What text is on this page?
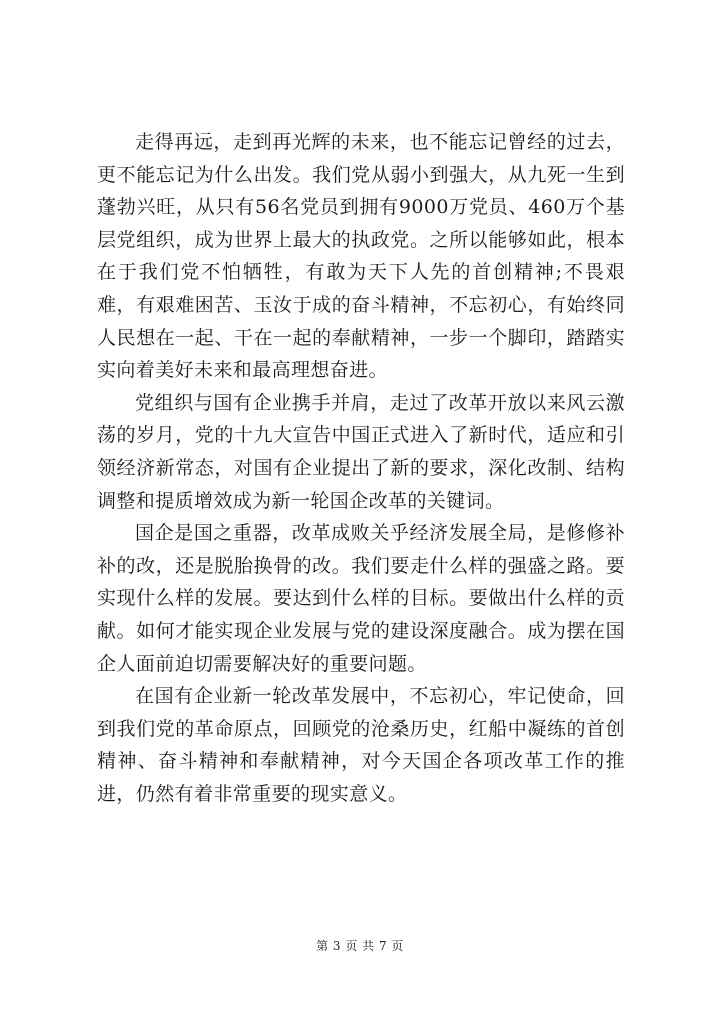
走得再远，走到再光辉的未来，也不能忘记曾经的过去，更不能忘记为什么出发。我们党从弱小到强大，从九死一生到蓬勃兴旺，从只有56名党员到拥有9000万党员、460万个基层党组织，成为世界上最大的执政党。之所以能够如此，根本在于我们党不怕牺牲，有敢为天下人先的首创精神;不畏艰难，有艰难困苦、玉汝于成的奋斗精神，不忘初心，有始终同人民想在一起、干在一起的奉献精神，一步一个脚印，踏踏实实向着美好未来和最高理想奋进。

党组织与国有企业携手并肩，走过了改革开放以来风云激荡的岁月，党的十九大宣告中国正式进入了新时代，适应和引领经济新常态，对国有企业提出了新的要求，深化改制、结构调整和提质增效成为新一轮国企改革的关键词。

国企是国之重器，改革成败关乎经济发展全局，是修修补补的改，还是脱胎换骨的改。我们要走什么样的强盛之路。要实现什么样的发展。要达到什么样的目标。要做出什么样的贡献。如何才能实现企业发展与党的建设深度融合。成为摆在国企人面前迫切需要解决好的重要问题。

在国有企业新一轮改革发展中，不忘初心，牢记使命，回到我们党的革命原点，回顾党的沧桑历史，红船中凝练的首创精神、奋斗精神和奉献精神，对今天国企各项改革工作的推进，仍然有着非常重要的现实意义。

第 3 页 共 7 页
